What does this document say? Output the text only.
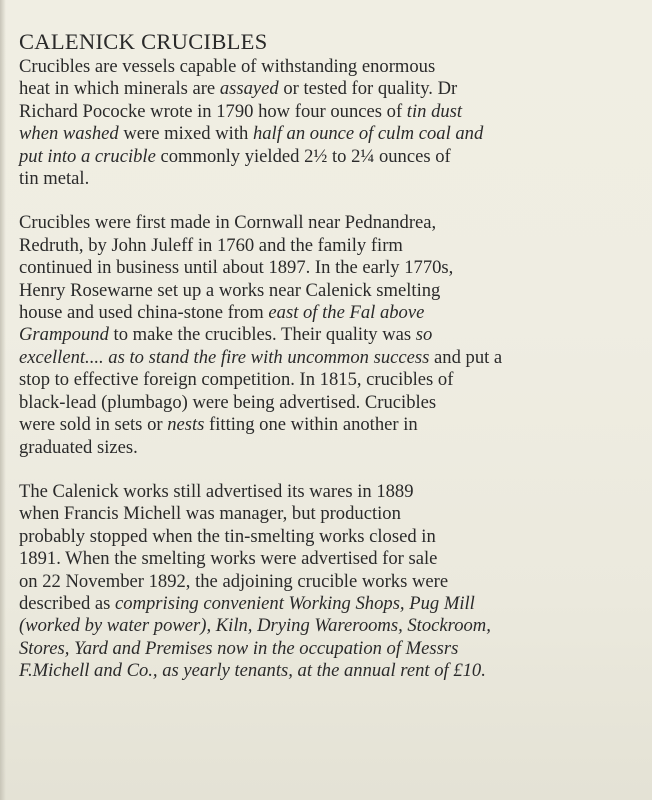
CALENICK CRUCIBLES

Crucibles are vessels capable of withstanding enormous
heat in which minerals are assayed or tested for quality. Dr
Richard Pococke wrote in 1790 how four ounces of tin dust
when washed were mixed with half an ounce of culm coal and
put into a crucible commonly yielded 2½ to 2¼ ounces of
tin metal.

Crucibles were first made in Cornwall near Pednandrea,
Redruth, by John Juleff in 1760 and the family firm
continued in business until about 1897. In the early 1770s,
Henry Rosewarne set up a works near Calenick smelting
house and used china-stone from east of the Fal above
Grampound to make the crucibles. Their quality was so
excellent.... as to stand the fire with uncommon success and put a
stop to effective foreign competition. In 1815, crucibles of
black-lead (plumbago) were being advertised. Crucibles
were sold in sets or nests fitting one within another in
graduated sizes.

The Calenick works still advertised its wares in 1889
when Francis Michell was manager, but production
probably stopped when the tin-smelting works closed in
1891. When the smelting works were advertised for sale
on 22 November 1892, the adjoining crucible works were
described as comprising convenient Working Shops, Pug Mill
(worked by water power), Kiln, Drying Warerooms, Stockroom,
Stores, Yard and Premises now in the occupation of Messrs
F.Michell and Co., as yearly tenants, at the annual rent of £10.
